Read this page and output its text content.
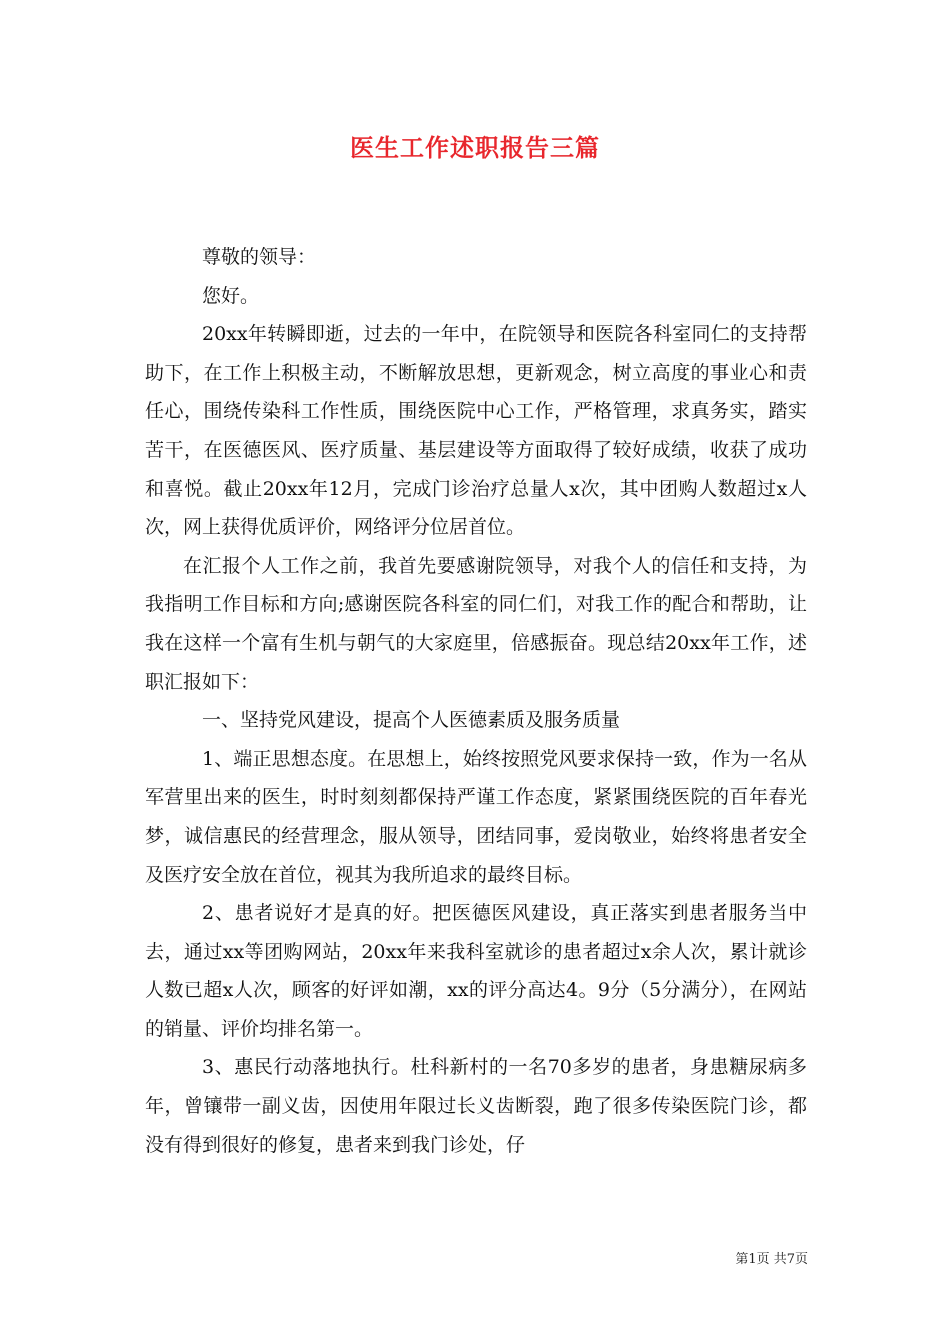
医生工作述职报告三篇

尊敬的领导：

您好。

20xx年转瞬即逝，过去的一年中，在院领导和医院各科室同仁的支持帮助下，在工作上积极主动，不断解放思想，更新观念，树立高度的事业心和责任心，围绕传染科工作性质，围绕医院中心工作，严格管理，求真务实，踏实苦干，在医德医风、医疗质量、基层建设等方面取得了较好成绩，收获了成功和喜悦。截止20xx年12月，完成门诊治疗总量人x次，其中团购人数超过x人次，网上获得优质评价，网络评分位居首位。

在汇报个人工作之前，我首先要感谢院领导，对我个人的信任和支持，为我指明工作目标和方向;感谢医院各科室的同仁们，对我工作的配合和帮助，让我在这样一个富有生机与朝气的大家庭里，倍感振奋。现总结20xx年工作，述职汇报如下：

一、坚持党风建设，提高个人医德素质及服务质量

1、端正思想态度。在思想上，始终按照党风要求保持一致，作为一名从军营里出来的医生，时时刻刻都保持严谨工作态度，紧紧围绕医院的百年春光梦，诚信惠民的经营理念，服从领导，团结同事，爱岗敬业，始终将患者安全及医疗安全放在首位，视其为我所追求的最终目标。

2、患者说好才是真的好。把医德医风建设，真正落实到患者服务当中去，通过xx等团购网站，20xx年来我科室就诊的患者超过x余人次，累计就诊人数已超x人次，顾客的好评如潮，xx的评分高达4。9分（5分满分），在网站的销量、评价均排名第一。

3、惠民行动落地执行。杜科新村的一名70多岁的患者，身患糖尿病多年，曾镶带一副义齿，因使用年限过长义齿断裂，跑了很多传染医院门诊，都没有得到很好的修复，患者来到我门诊处，仔

第1页 共7页
